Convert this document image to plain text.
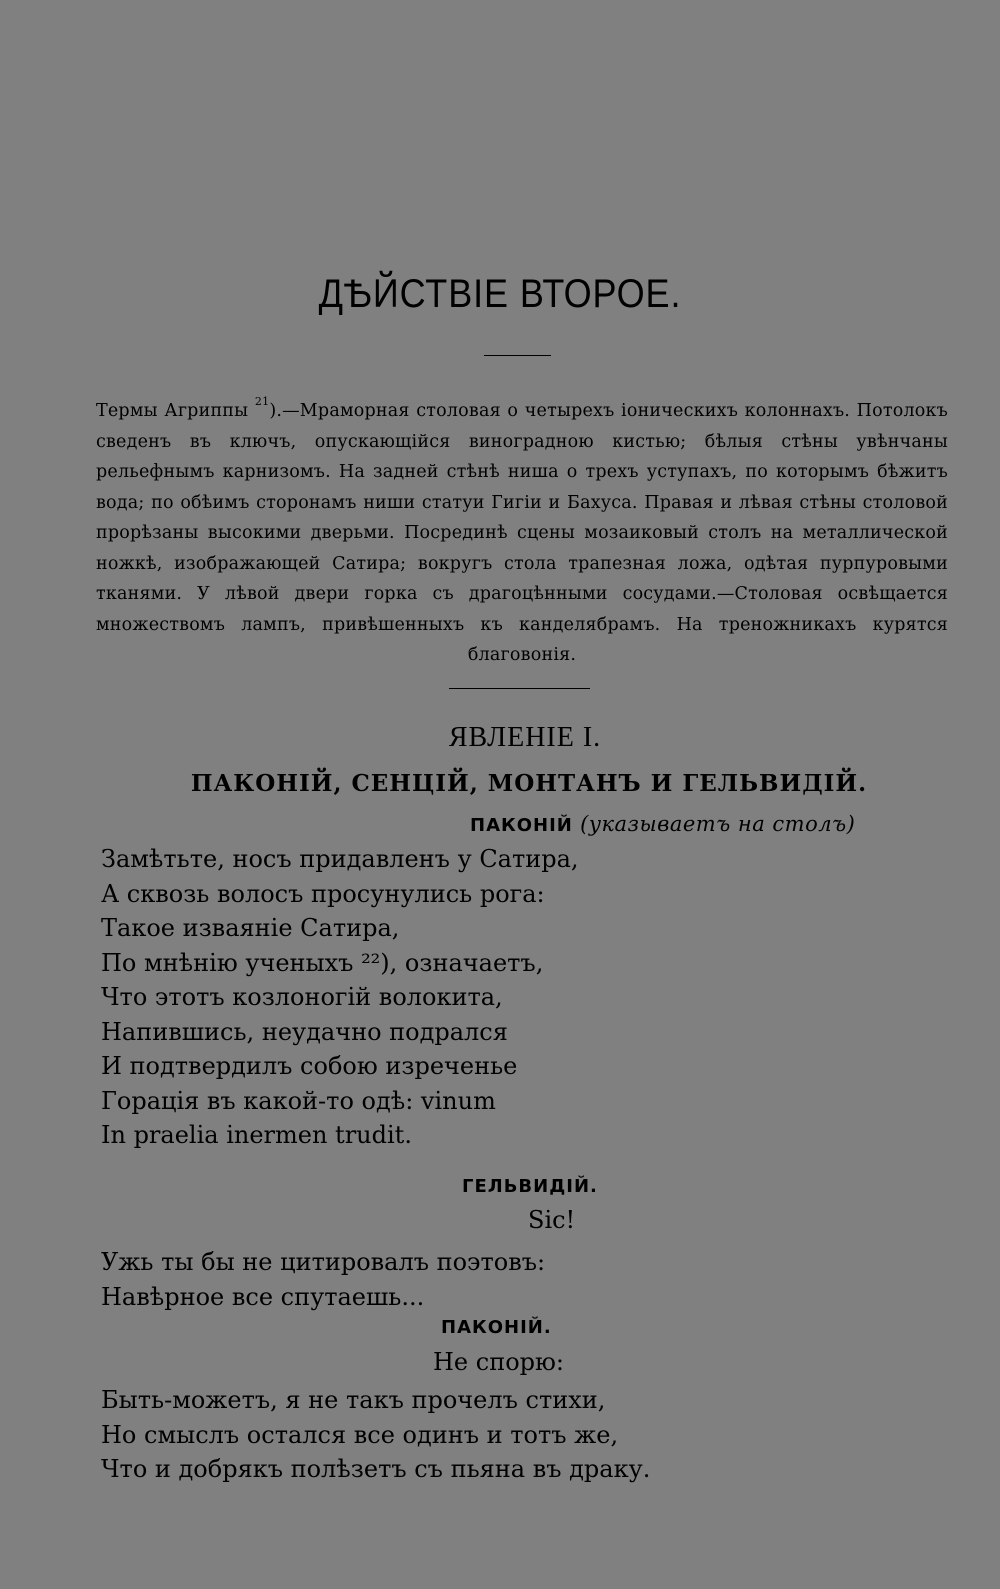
ДѢЙСТВІЕ ВТОРОЕ.
Термы Агриппы $^{21}$).—Мраморная столовая о четырехъ іоническихъ колоннахъ. Потолокъ сведенъ въ ключъ, опускающійся виноградною кистью; бѣлыя стѣны увѣнчаны рельефнымъ карнизомъ. На задней стѣнѣ ниша о трехъ уступахъ, по которымъ бѣжитъ вода; по обѣимъ сторонамъ ниши статуи Гигіи и Бахуса. Правая и лѣвая стѣны столовой прорѣзаны высокими дверьми. Посрединѣ сцены мозаиковый столъ на металлической ножкѣ, изображающей Сатира; вокругъ стола трапезная ложа, одѣтая пурпуровыми тканями. У лѣвой двери горка съ драгоцѣнными сосудами.—Столовая освѣщается множествомъ лампъ, привѣшенныхъ къ канделябрамъ. На треножникахъ курятся благовонія.
ЯВЛЕНІЕ I.
ПАКОНІЙ, СЕНЦІЙ, МОНТАНЪ И ГЕЛЬВИДІЙ.
ПАКОНІЙ (указываетъ на столъ)
Замѣтьте, носъ придавленъ у Сатира,
А сквозь волосъ просунулись рога:
Такое изваяніе Сатира,
По мнѣнію ученыхъ ²²), означаетъ,
Что этотъ козлоногій волокита,
Напившись, неудачно подрался
И подтвердилъ собою изреченье
Горація въ какой-то одѣ: vinum
In praelia inermen trudit.
ГЕЛЬВИДІЙ.
Sic!
Ужь ты бы не цитировалъ поэтовъ:
Навѣрное все спутаешь...
ПАКОНІЙ.
Не спорю:
Быть-можетъ, я не такъ прочелъ стихи,
Но смыслъ остался все одинъ и тотъ же,
Что и добрякъ полѣзетъ съ пьяна въ драку.
